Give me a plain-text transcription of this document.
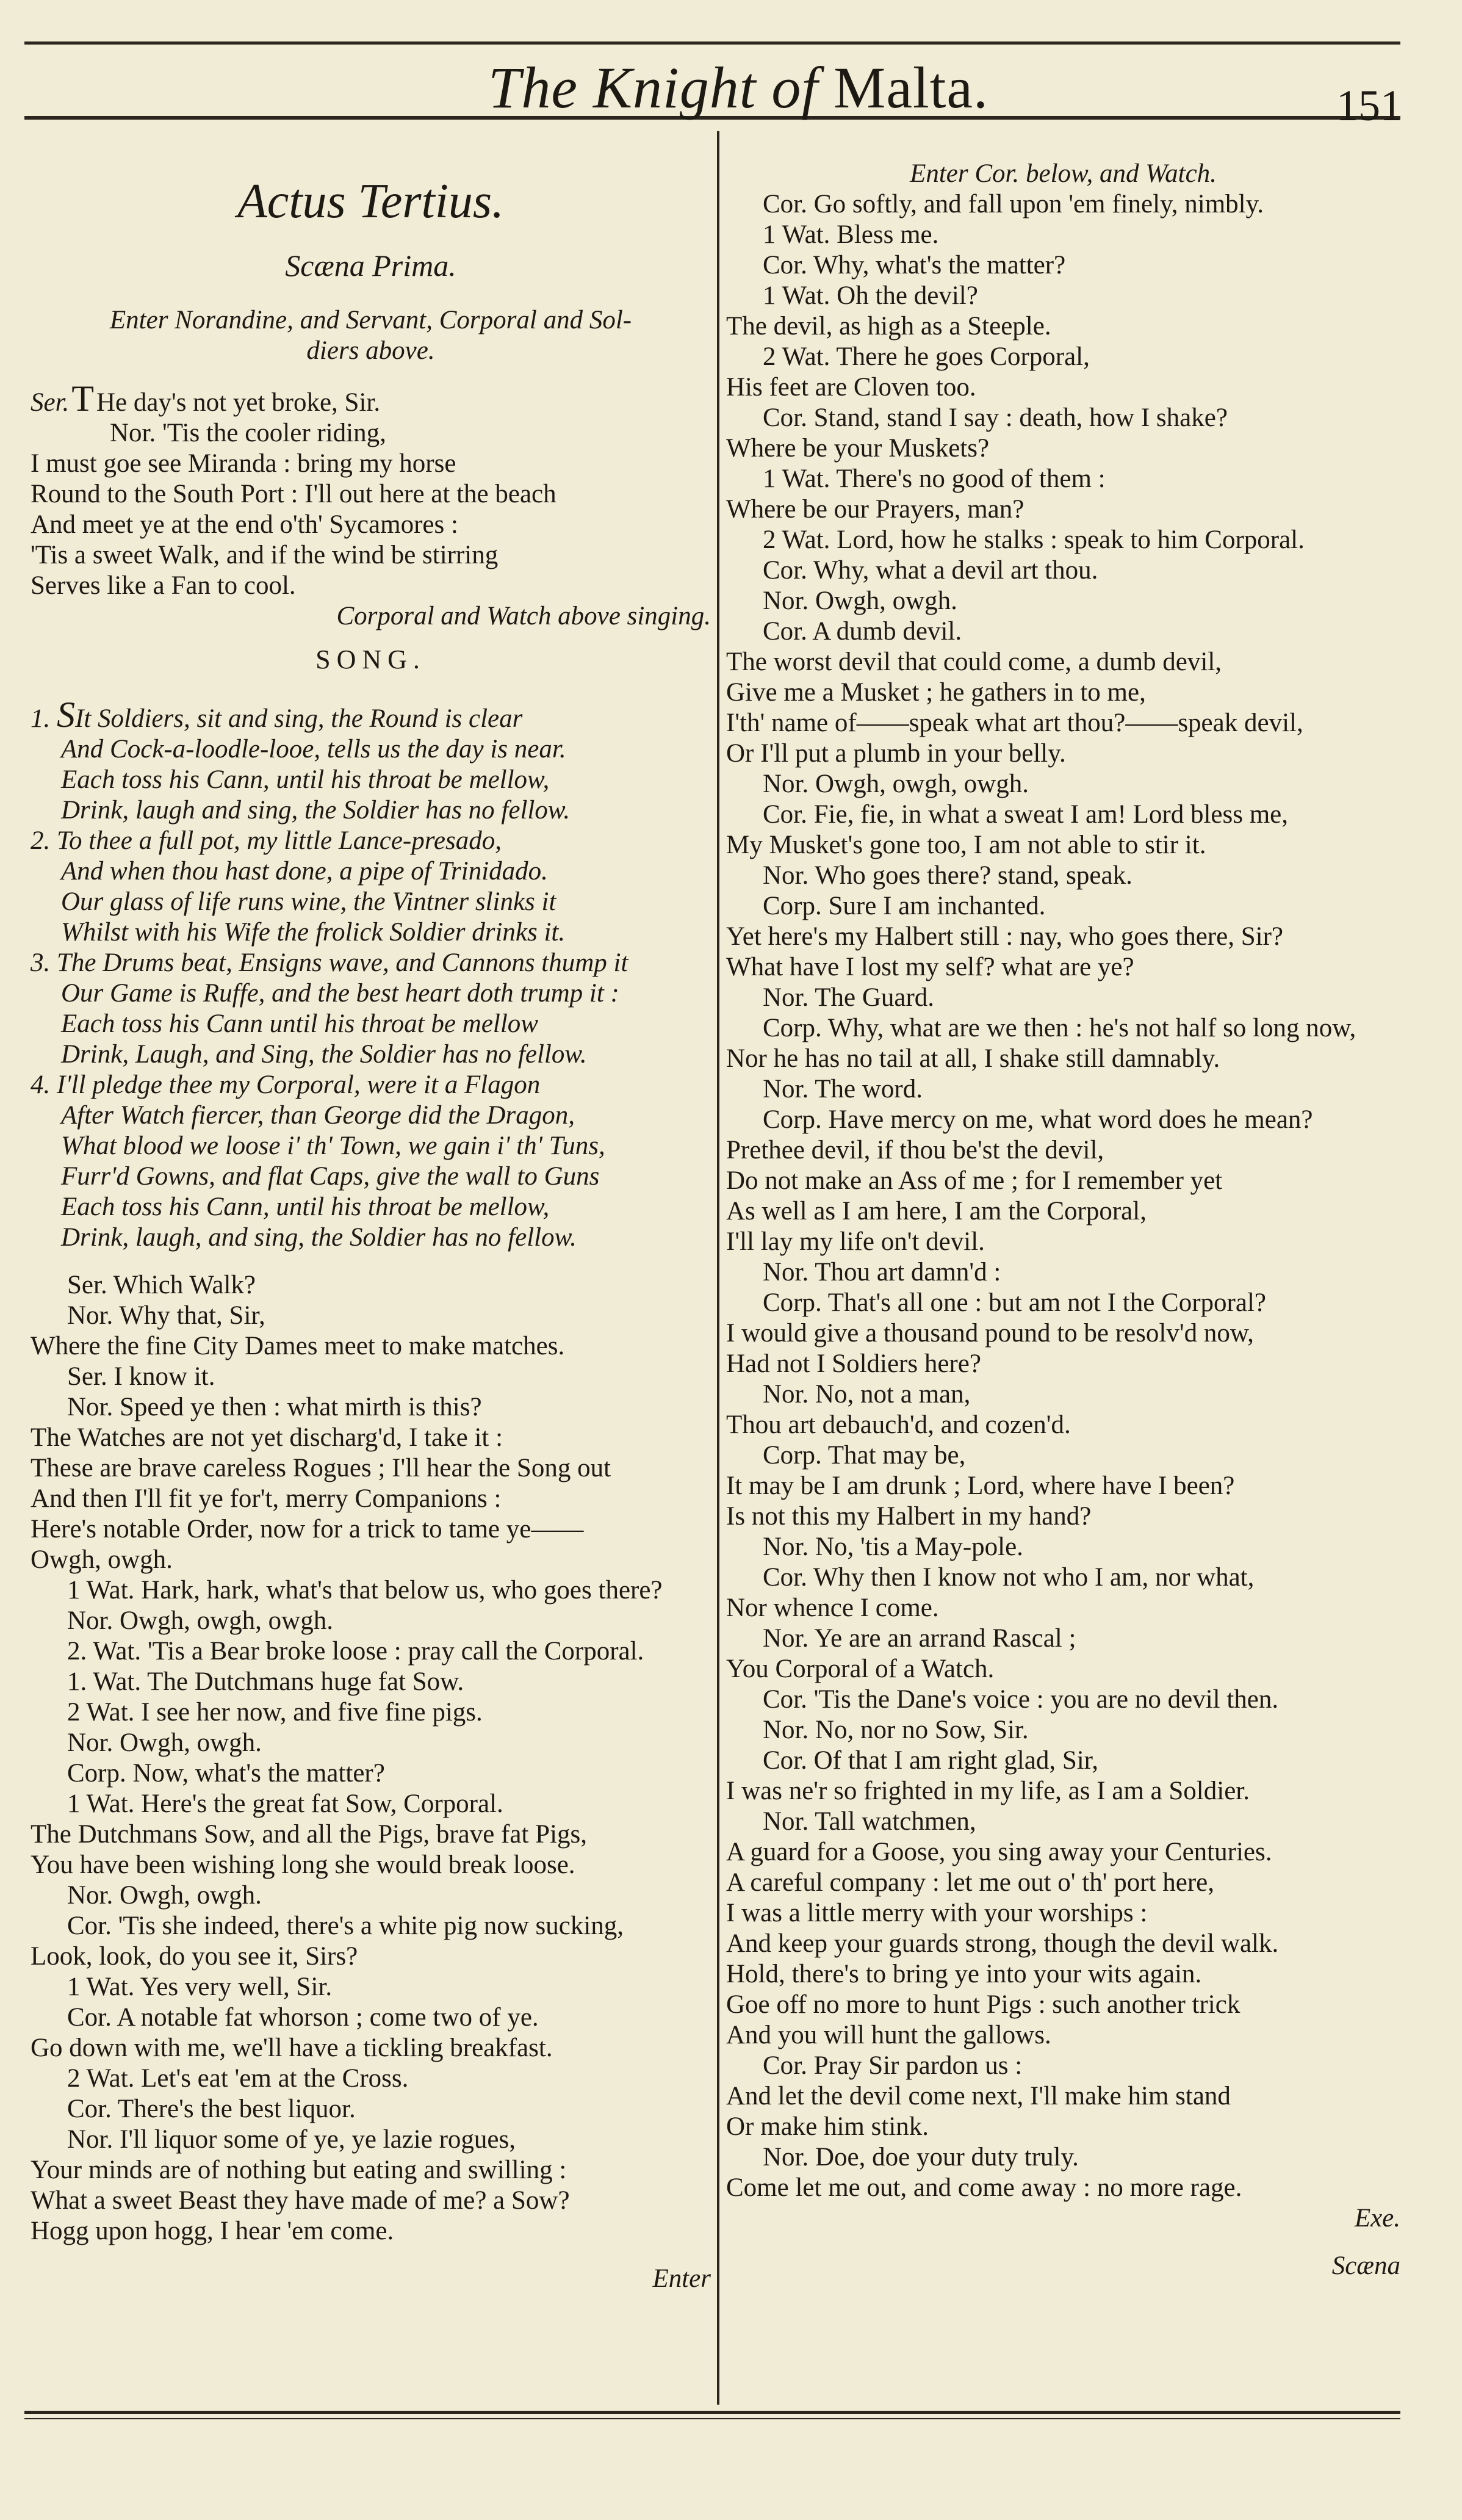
The Knight of Malta.	151
Actus Tertius.
Scæna Prima.
Enter Norandine, and Servant, Corporal and Sol-
diers above.
Ser.THe day's not yet broke, Sir.
Nor. 'Tis the cooler riding,
I must goe see Miranda : bring my horse
Round to the South Port : I'll out here at the beach
And meet ye at the end o'th' Sycamores :
'Tis a sweet Walk, and if the wind be stirring
Serves like a Fan to cool.
Corporal and Watch above singing.
SONG.
1. SIt Soldiers, sit and sing, the Round is clear
And Cock-a-loodle-looe, tells us the day is near.
Each toss his Cann, until his throat be mellow,
Drink, laugh and sing, the Soldier has no fellow.
2. To thee a full pot, my little Lance-presado,
And when thou hast done, a pipe of Trinidado.
Our glass of life runs wine, the Vintner slinks it
Whilst with his Wife the frolick Soldier drinks it.
3. The Drums beat, Ensigns wave, and Cannons thump it
Our Game is Ruffe, and the best heart doth trump it :
Each toss his Cann until his throat be mellow
Drink, Laugh, and Sing, the Soldier has no fellow.
4. I'll pledge thee my Corporal, were it a Flagon
After Watch fiercer, than George did the Dragon,
What blood we loose i' th' Town, we gain i' th' Tuns,
Furr'd Gowns, and flat Caps, give the wall to Guns
Each toss his Cann, until his throat be mellow,
Drink, laugh, and sing, the Soldier has no fellow.
Ser. Which Walk?
Nor. Why that, Sir,
Where the fine City Dames meet to make matches.
Ser. I know it.
Nor. Speed ye then : what mirth is this?
The Watches are not yet discharg'd, I take it :
These are brave careless Rogues ; I'll hear the Song out
And then I'll fit ye for't, merry Companions :
Here's notable Order, now for a trick to tame ye——
Owgh, owgh.
1 Wat. Hark, hark, what's that below us, who goes there?
Nor. Owgh, owgh, owgh.
2. Wat. 'Tis a Bear broke loose : pray call the Corporal.
1. Wat. The Dutchmans huge fat Sow.
2 Wat. I see her now, and five fine pigs.
Nor. Owgh, owgh.
Corp. Now, what's the matter?
1 Wat. Here's the great fat Sow, Corporal.
The Dutchmans Sow, and all the Pigs, brave fat Pigs,
You have been wishing long she would break loose.
Nor. Owgh, owgh.
Cor. 'Tis she indeed, there's a white pig now sucking,
Look, look, do you see it, Sirs?
1 Wat. Yes very well, Sir.
Cor. A notable fat whorson ; come two of ye.
Go down with me, we'll have a tickling breakfast.
2 Wat. Let's eat 'em at the Cross.
Cor. There's the best liquor.
Nor. I'll liquor some of ye, ye lazie rogues,
Your minds are of nothing but eating and swilling :
What a sweet Beast they have made of me? a Sow?
Hogg upon hogg, I hear 'em come.
Enter
Enter Cor. below, and Watch.
Cor. Go softly, and fall upon 'em finely, nimbly.
1 Wat. Bless me.
Cor. Why, what's the matter?
1 Wat. Oh the devil?
The devil, as high as a Steeple.
2 Wat. There he goes Corporal,
His feet are Cloven too.
Cor. Stand, stand I say : death, how I shake?
Where be your Muskets?
1 Wat. There's no good of them :
Where be our Prayers, man?
2 Wat. Lord, how he stalks : speak to him Corporal.
Cor. Why, what a devil art thou.
Nor. Owgh, owgh.
Cor. A dumb devil.
The worst devil that could come, a dumb devil,
Give me a Musket ; he gathers in to me,
I'th' name of——speak what art thou?——speak devil,
Or I'll put a plumb in your belly.
Nor. Owgh, owgh, owgh.
Cor. Fie, fie, in what a sweat I am! Lord bless me,
My Musket's gone too, I am not able to stir it.
Nor. Who goes there? stand, speak.
Corp. Sure I am inchanted.
Yet here's my Halbert still : nay, who goes there, Sir?
What have I lost my self? what are ye?
Nor. The Guard.
Corp. Why, what are we then : he's not half so long now,
Nor he has no tail at all, I shake still damnably.
Nor. The word.
Corp. Have mercy on me, what word does he mean?
Prethee devil, if thou be'st the devil,
Do not make an Ass of me ; for I remember yet
As well as I am here, I am the Corporal,
I'll lay my life on't devil.
Nor. Thou art damn'd :
Corp. That's all one : but am not I the Corporal?
I would give a thousand pound to be resolv'd now,
Had not I Soldiers here?
Nor. No, not a man,
Thou art debauch'd, and cozen'd.
Corp. That may be,
It may be I am drunk ; Lord, where have I been?
Is not this my Halbert in my hand?
Nor. No, 'tis a May-pole.
Cor. Why then I know not who I am, nor what,
Nor whence I come.
Nor. Ye are an arrand Rascal ;
You Corporal of a Watch.
Cor. 'Tis the Dane's voice : you are no devil then.
Nor. No, nor no Sow, Sir.
Cor. Of that I am right glad, Sir,
I was ne'r so frighted in my life, as I am a Soldier.
Nor. Tall watchmen,
A guard for a Goose, you sing away your Centuries.
A careful company : let me out o' th' port here,
I was a little merry with your worships :
And keep your guards strong, though the devil walk.
Hold, there's to bring ye into your wits again.
Goe off no more to hunt Pigs : such another trick
And you will hunt the gallows.
Cor. Pray Sir pardon us :
And let the devil come next, I'll make him stand
Or make him stink.
Nor. Doe, doe your duty truly.
Come let me out, and come away : no more rage.
Exe.
Scæna
